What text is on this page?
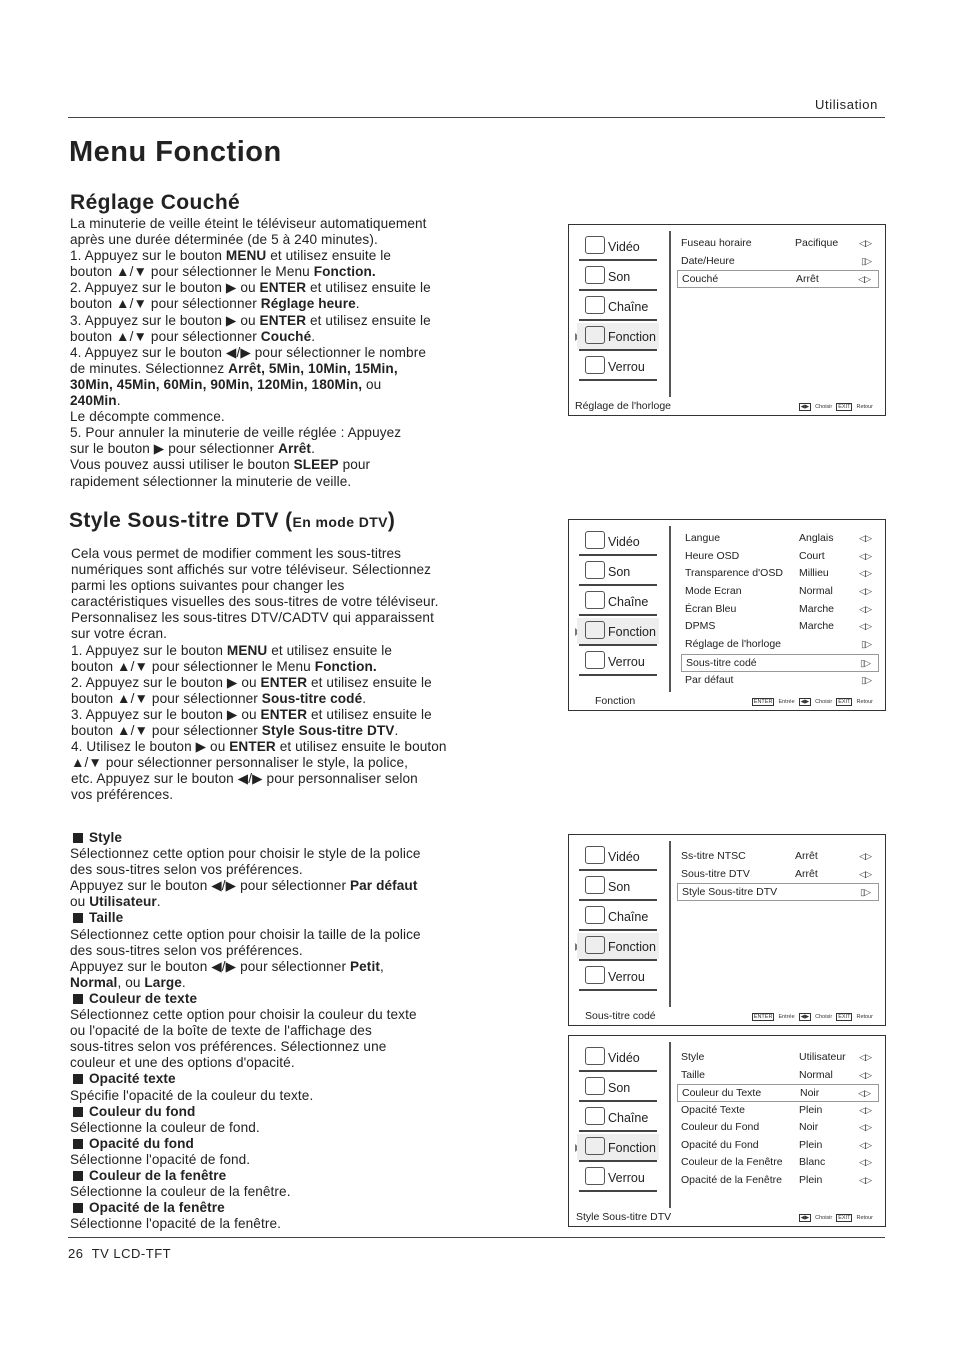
Utilisation
Menu Fonction
Réglage Couché

La minuterie de veille éteint le téléviseur automatiquement

après une durée déterminée (de 5 à 240 minutes).

1. Appuyez sur le bouton MENU et utilisez ensuite le

bouton ▲/▼ pour sélectionner le Menu Fonction.

2. Appuyez sur le bouton ▶ ou ENTER et utilisez ensuite le

bouton ▲/▼ pour sélectionner Réglage heure.

3. Appuyez sur le bouton ▶ ou ENTER et utilisez ensuite le

bouton ▲/▼ pour sélectionner Couché.

4. Appuyez sur le bouton ◀/▶ pour sélectionner le nombre

de minutes. Sélectionnez Arrêt, 5Min, 10Min, 15Min,

30Min, 45Min, 60Min, 90Min, 120Min, 180Min, ou

240Min.

Le décompte commence.

5. Pour annuler la minuterie de veille réglée : Appuyez

sur le bouton ▶ pour sélectionner Arrêt.

Vous pouvez aussi utiliser le bouton SLEEP pour

rapidement sélectionner la minuterie de veille.

Style Sous-titre DTV (En mode DTV)

Cela vous permet de modifier comment les sous-titres

numériques sont affichés sur votre téléviseur. Sélectionnez

parmi les options suivantes pour changer les

caractéristiques visuelles des sous-titres de votre téléviseur.

Personnalisez les sous-titres DTV/CADTV qui apparaissent

sur votre écran.

1. Appuyez sur le bouton MENU et utilisez ensuite le

bouton ▲/▼ pour sélectionner le Menu Fonction.

2. Appuyez sur le bouton ▶ ou ENTER et utilisez ensuite le

bouton ▲/▼ pour sélectionner Sous-titre codé.

3. Appuyez sur le bouton ▶ ou ENTER et utilisez ensuite le

bouton ▲/▼ pour sélectionner Style Sous-titre DTV.

4. Utilisez le bouton ▶ ou ENTER et utilisez ensuite le bouton

▲/▼ pour sélectionner personnaliser le style, la police,

etc. Appuyez sur le bouton ◀/▶ pour personnaliser selon

vos préférences.

Style

Sélectionnez cette option pour choisir le style de la police

des sous-titres selon vos préférences.

Appuyez sur le bouton ◀/▶ pour sélectionner Par défaut

ou Utilisateur.

Taille

Sélectionnez cette option pour choisir la taille de la police

des sous-titres selon vos préférences.

Appuyez sur le bouton ◀/▶ pour sélectionner Petit,

Normal, ou Large.

Couleur de texte

Sélectionnez cette option pour choisir la couleur du texte

ou l'opacité de la boîte de texte de l'affichage des

sous-titres selon vos préférences. Sélectionnez une

couleur et une des options d'opacité.

Opacité texte

Spécifie l'opacité de la couleur du texte.

Couleur du fond

Sélectionne la couleur de fond.

Opacité du fond

Sélectionne l'opacité de fond.

Couleur de la fenêtre

Sélectionne la couleur de la fenêtre.

Opacité de la fenêtre

Sélectionne l'opacité de la fenêtre.

Vidéo
Son
Chaîne
Fonction
Verrou
Fuseau horaire	Pacifique ◁▷
Date/Heure	▯▷
Couché	Arrêt	◁▷
Réglage de l'horloge	◀▶ Choisir EXIT Retour
Vidéo
Son
Chaîne
Fonction
Verrou
Langue	Anglais	◁▷
Heure OSD	Court	◁▷
Transparence d'OSD Millieu	◁▷
Mode Ecran	Normal	◁▷
Écran Bleu	Marche	◁▷
DPMS	Marche	◁▷
Réglage de l'horloge	▯▷
Sous-titre codé	▯▷
Par défaut	▯▷
Fonction	ENTER Entrée ◀▶ Choisir EXIT Retour
Vidéo
Son
Chaîne
Fonction
Verrou
Ss-titre NTSC	Arrêt	◁▷
Sous-titre DTV	Arrêt	◁▷
Style Sous-titre DTV	▯▷
Sous-titre codé	ENTER Entrée ◀▶ Choisir EXIT Retour
Vidéo
Son
Chaîne
Fonction
Verrou
Style	Utilisateur ◁▷
Taille	Normal	◁▷
Couleur du Texte	Noir	◁▷
Opacité Texte	Plein	◁▷
Couleur du Fond	Noir	◁▷
Opacité du Fond	Plein	◁▷
Couleur de la Fenêtre Blanc	◁▷
Opacité de la Fenêtre Plein	◁▷
Style Sous-titre DTV	◀▶ Choisir EXIT Retour
26 TV LCD-TFT
